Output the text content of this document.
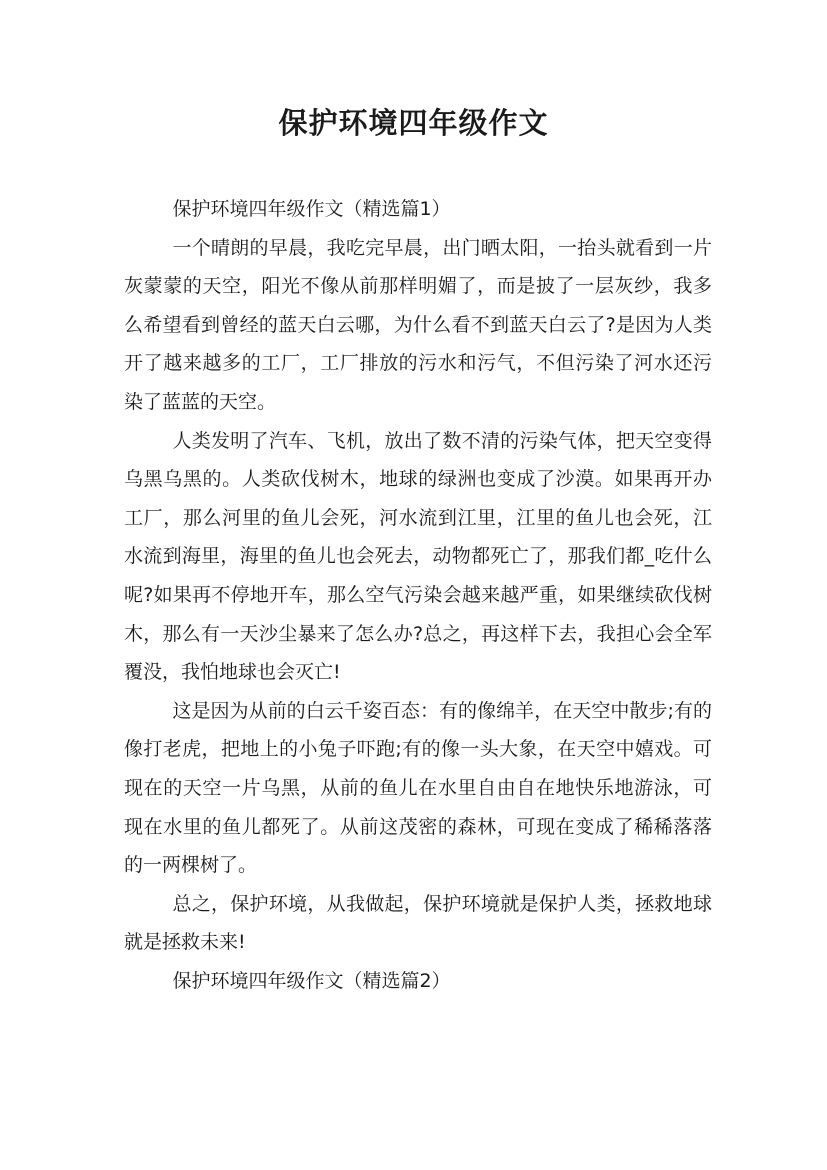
保护环境四年级作文

保护环境四年级作文（精选篇1）

一个晴朗的早晨，我吃完早晨，出门晒太阳，一抬头就看到一片灰蒙蒙的天空，阳光不像从前那样明媚了，而是披了一层灰纱，我多么希望看到曾经的蓝天白云哪，为什么看不到蓝天白云了?是因为人类开了越来越多的工厂，工厂排放的污水和污气，不但污染了河水还污染了蓝蓝的天空。

人类发明了汽车、飞机，放出了数不清的污染气体，把天空变得乌黑乌黑的。人类砍伐树木，地球的绿洲也变成了沙漠。如果再开办工厂，那么河里的鱼儿会死，河水流到江里，江里的鱼儿也会死，江水流到海里，海里的鱼儿也会死去，动物都死亡了，那我们都_吃什么呢?如果再不停地开车，那么空气污染会越来越严重，如果继续砍伐树木，那么有一天沙尘暴来了怎么办?总之，再这样下去，我担心会全军覆没，我怕地球也会灭亡!

这是因为从前的白云千姿百态：有的像绵羊，在天空中散步;有的像打老虎，把地上的小兔子吓跑;有的像一头大象，在天空中嬉戏。可现在的天空一片乌黑，从前的鱼儿在水里自由自在地快乐地游泳，可现在水里的鱼儿都死了。从前这茂密的森林，可现在变成了稀稀落落的一两棵树了。

总之，保护环境，从我做起，保护环境就是保护人类，拯救地球就是拯救未来!

保护环境四年级作文（精选篇2）
